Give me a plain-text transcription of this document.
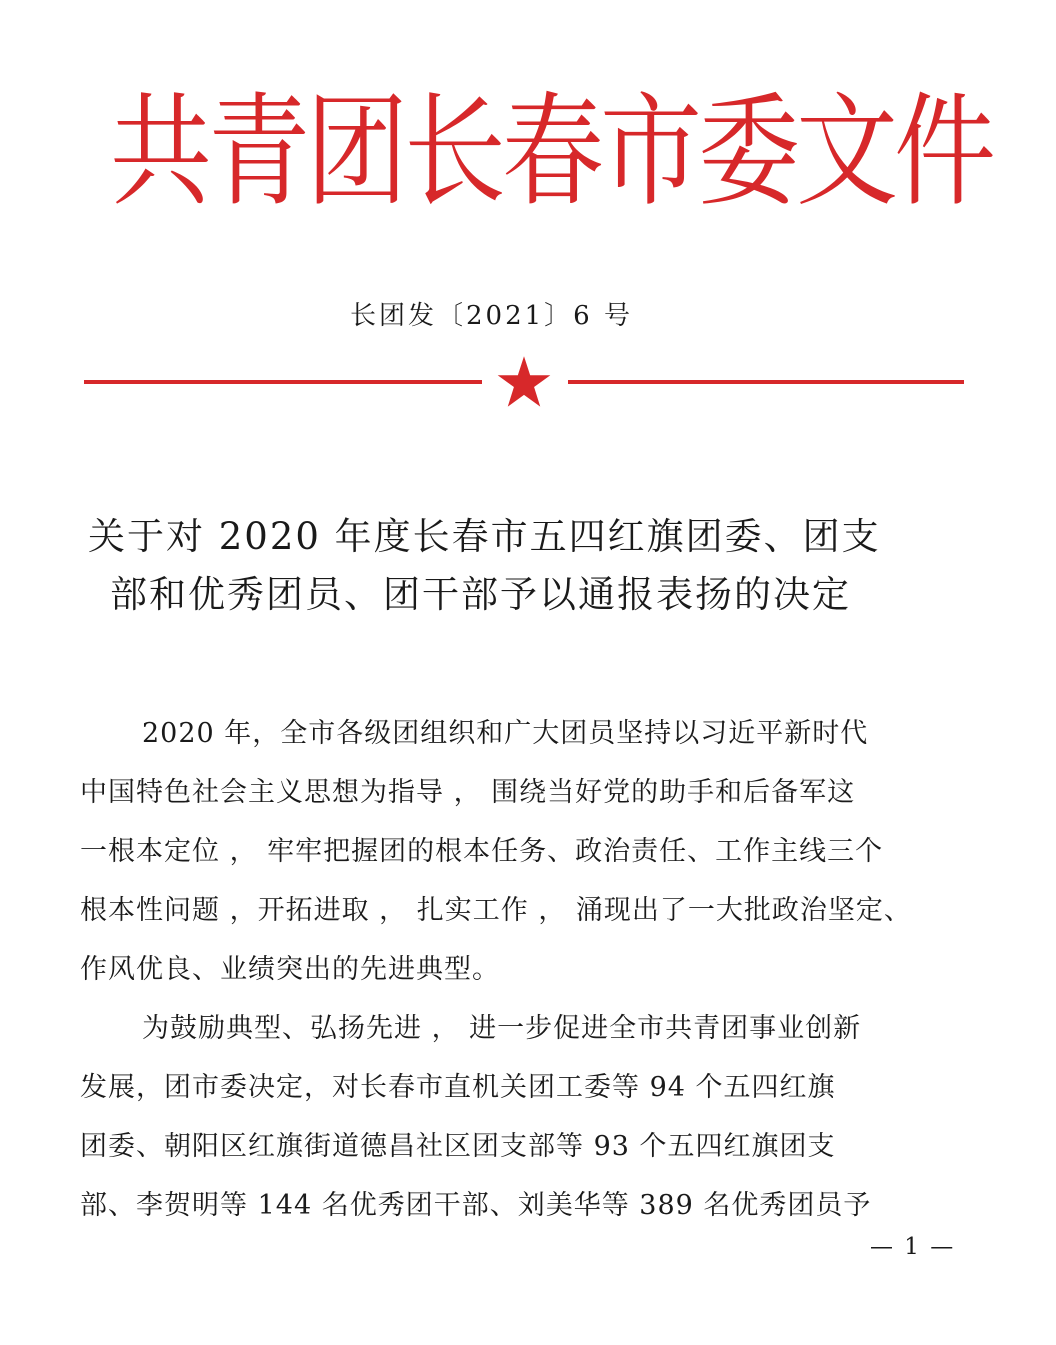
共青团长春市委文件
长团发〔2021〕6 号
关于对 2020 年度长春市五四红旗团委、团支
部和优秀团员、团干部予以通报表扬的决定
2020 年，全市各级团组织和广大团员坚持以习近平新时代
中国特色社会主义思想为指导 ， 围绕当好党的助手和后备军这
一根本定位 ， 牢牢把握团的根本任务、政治责任、工作主线三个
根本性问题 ，开拓进取 ， 扎实工作 ， 涌现出了一大批政治坚定、
作风优良、业绩突出的先进典型。
为鼓励典型、弘扬先进 ， 进一步促进全市共青团事业创新
发展，团市委决定，对长春市直机关团工委等 94 个五四红旗
团委、朝阳区红旗街道德昌社区团支部等 93 个五四红旗团支
部、李贺明等 144 名优秀团干部、刘美华等 389 名优秀团员予
— 1 —
